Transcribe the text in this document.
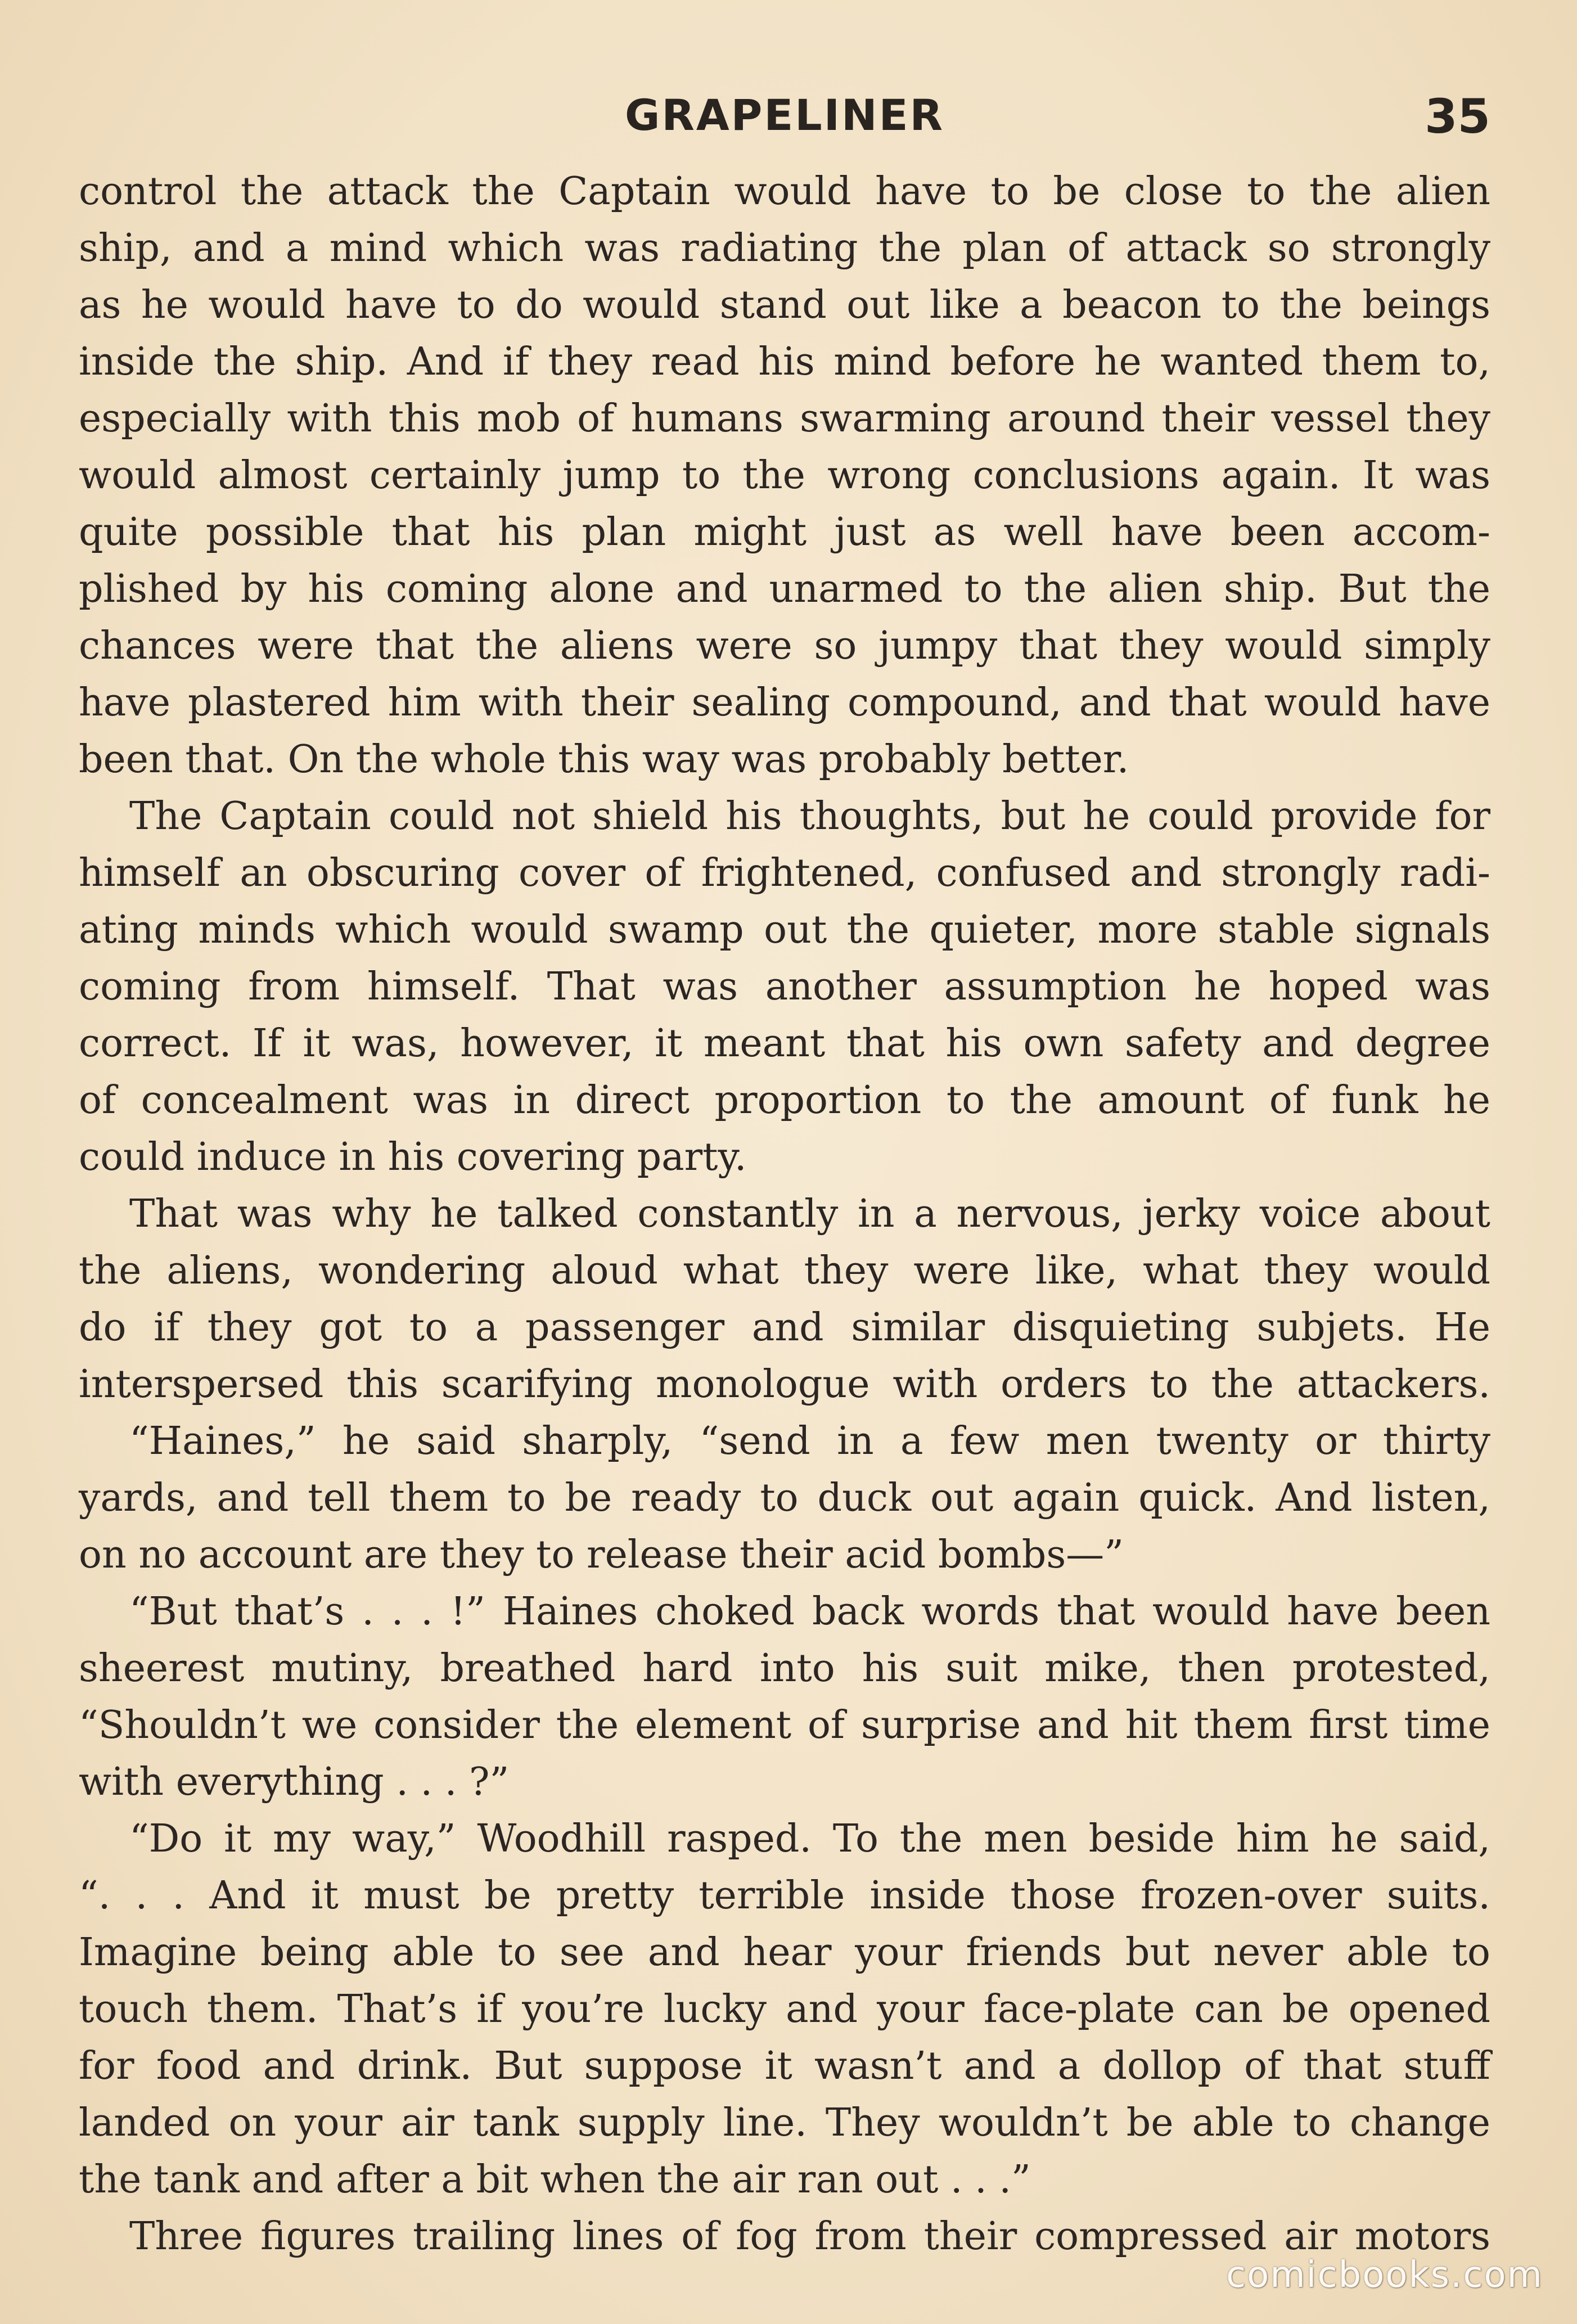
GRAPELINER	35
control the attack the Captain would have to be close to the alien
ship, and a mind which was radiating the plan of attack so strongly
as he would have to do would stand out like a beacon to the beings
inside the ship. And if they read his mind before he wanted them to,
especially with this mob of humans swarming around their vessel they
would almost certainly jump to the wrong conclusions again. It was
quite possible that his plan might just as well have been accom-
plished by his coming alone and unarmed to the alien ship. But the
chances were that the aliens were so jumpy that they would simply
have plastered him with their sealing compound, and that would have
been that. On the whole this way was probably better.
The Captain could not shield his thoughts, but he could provide for
himself an obscuring cover of frightened, confused and strongly radi-
ating minds which would swamp out the quieter, more stable signals
coming from himself. That was another assumption he hoped was
correct. If it was, however, it meant that his own safety and degree
of concealment was in direct proportion to the amount of funk he
could induce in his covering party.
That was why he talked constantly in a nervous, jerky voice about
the aliens, wondering aloud what they were like, what they would
do if they got to a passenger and similar disquieting subjets. He
interspersed this scarifying monologue with orders to the attackers.
“Haines,” he said sharply, “send in a few men twenty or thirty
yards, and tell them to be ready to duck out again quick. And listen,
on no account are they to release their acid bombs—”
“But that’s . . . !” Haines choked back words that would have been
sheerest mutiny, breathed hard into his suit mike, then protested,
“Shouldn’t we consider the element of surprise and hit them first time
with everything . . . ?”
“Do it my way,” Woodhill rasped. To the men beside him he said,
“. . . And it must be pretty terrible inside those frozen-over suits.
Imagine being able to see and hear your friends but never able to
touch them. That’s if you’re lucky and your face-plate can be opened
for food and drink. But suppose it wasn’t and a dollop of that stuff
landed on your air tank supply line. They wouldn’t be able to change
the tank and after a bit when the air ran out . . .”
Three figures trailing lines of fog from their compressed air motors
comicbooks.com
